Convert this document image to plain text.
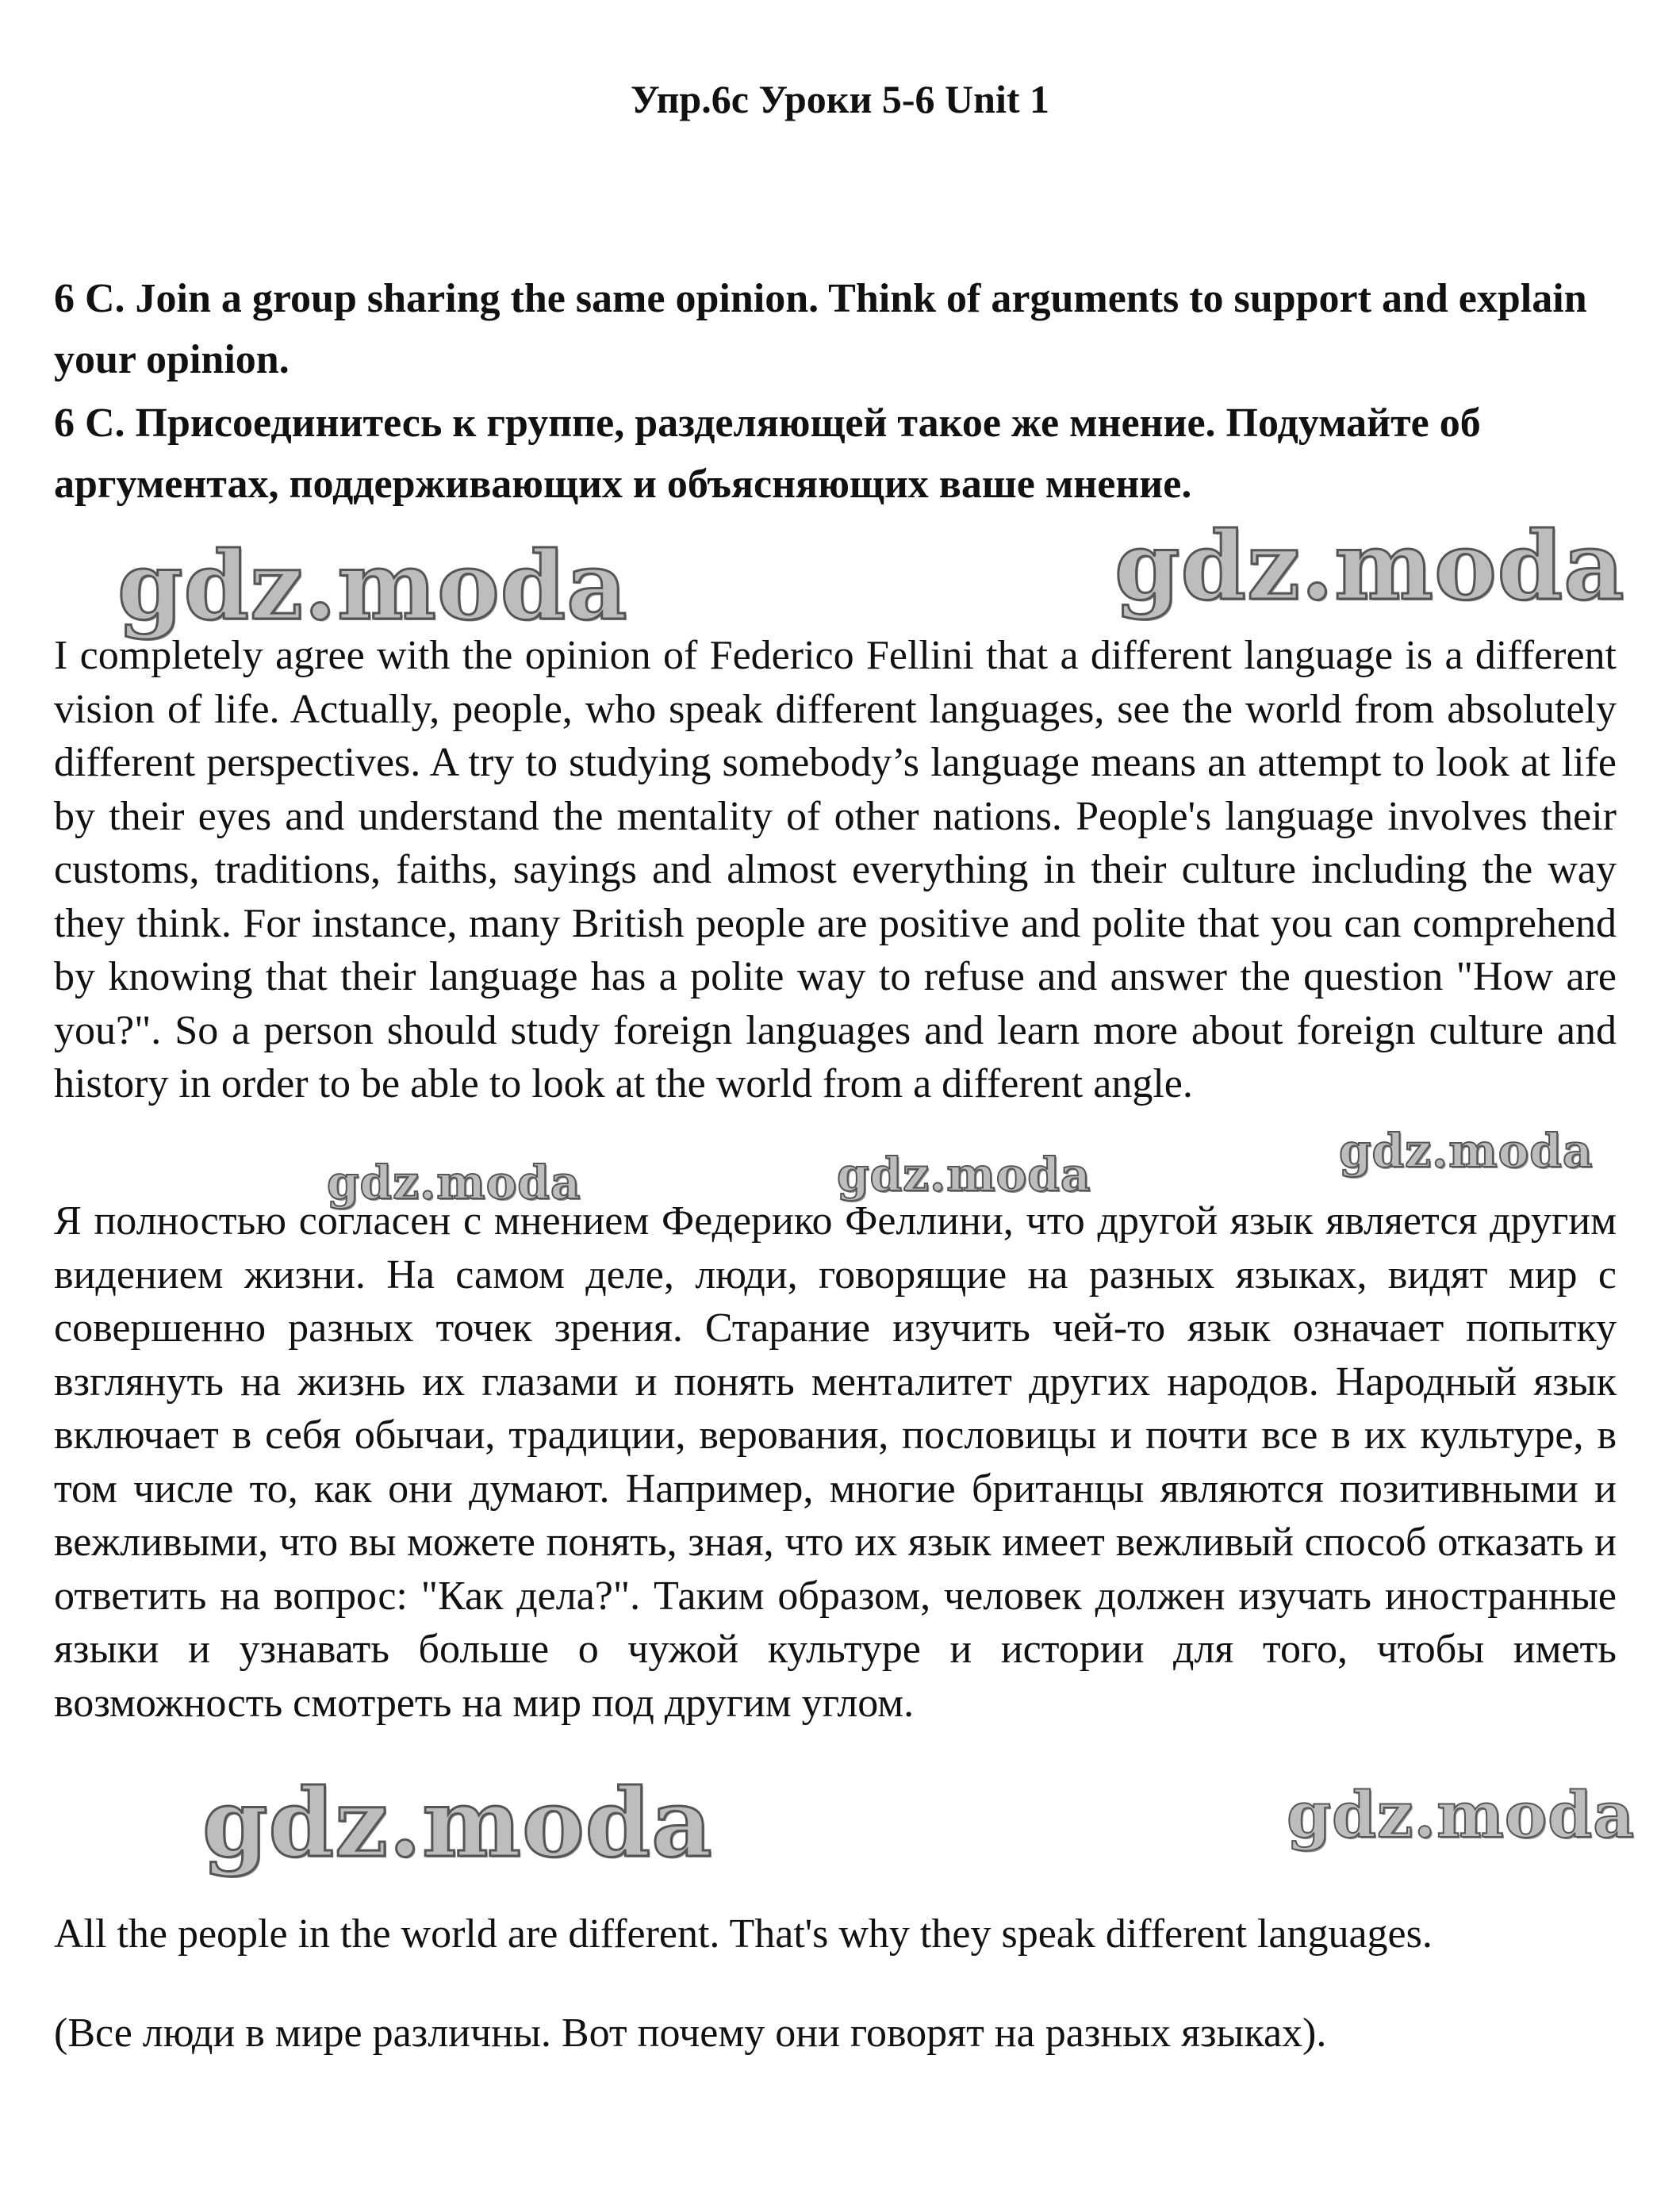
Упр.6с Уроки 5-6 Unit 1

6 C. Join a group sharing the same opinion. Think of arguments to support and explain your opinion.

6 С. Присоединитесь к группе, разделяющей такое же мнение. Подумайте об аргументах, поддерживающих и объясняющих ваше мнение.

gdz.moda	gdz.moda

I completely agree with the opinion of Federico Fellini that a different language is a different vision of life. Actually, people, who speak different languages, see the world from absolutely different perspectives. A try to studying somebody’s language means an attempt to look at life by their eyes and understand the mentality of other nations. People's language involves their customs, traditions, faiths, sayings and almost everything in their culture including the way they think. For instance, many British people are positive and polite that you can comprehend by knowing that their language has a polite way to refuse and answer the question "How are you?". So a person should study foreign languages and learn more about foreign culture and history in order to be able to look at the world from a different angle.

gdz.moda
gdz.moda	gdz.moda

Я полностью согласен с мнением Федерико Феллини, что другой язык является другим видением жизни. На самом деле, люди, говорящие на разных языках, видят мир с совершенно разных точек зрения. Старание изучить чей-то язык означает попытку взглянуть на жизнь их глазами и понять менталитет других народов. Народный язык включает в себя обычаи, традиции, верования, пословицы и почти все в их культуре, в том числе то, как они думают. Например, многие британцы являются позитивными и вежливыми, что вы можете понять, зная, что их язык имеет вежливый способ отказать и ответить на вопрос: "Как дела?". Таким образом, человек должен изучать иностранные языки и узнавать больше о чужой культуре и истории для того, чтобы иметь возможность смотреть на мир под другим углом.

gdz.moda	gdz.moda

All the people in the world are different. That's why they speak different languages.

(Все люди в мире различны. Вот почему они говорят на разных языках).
